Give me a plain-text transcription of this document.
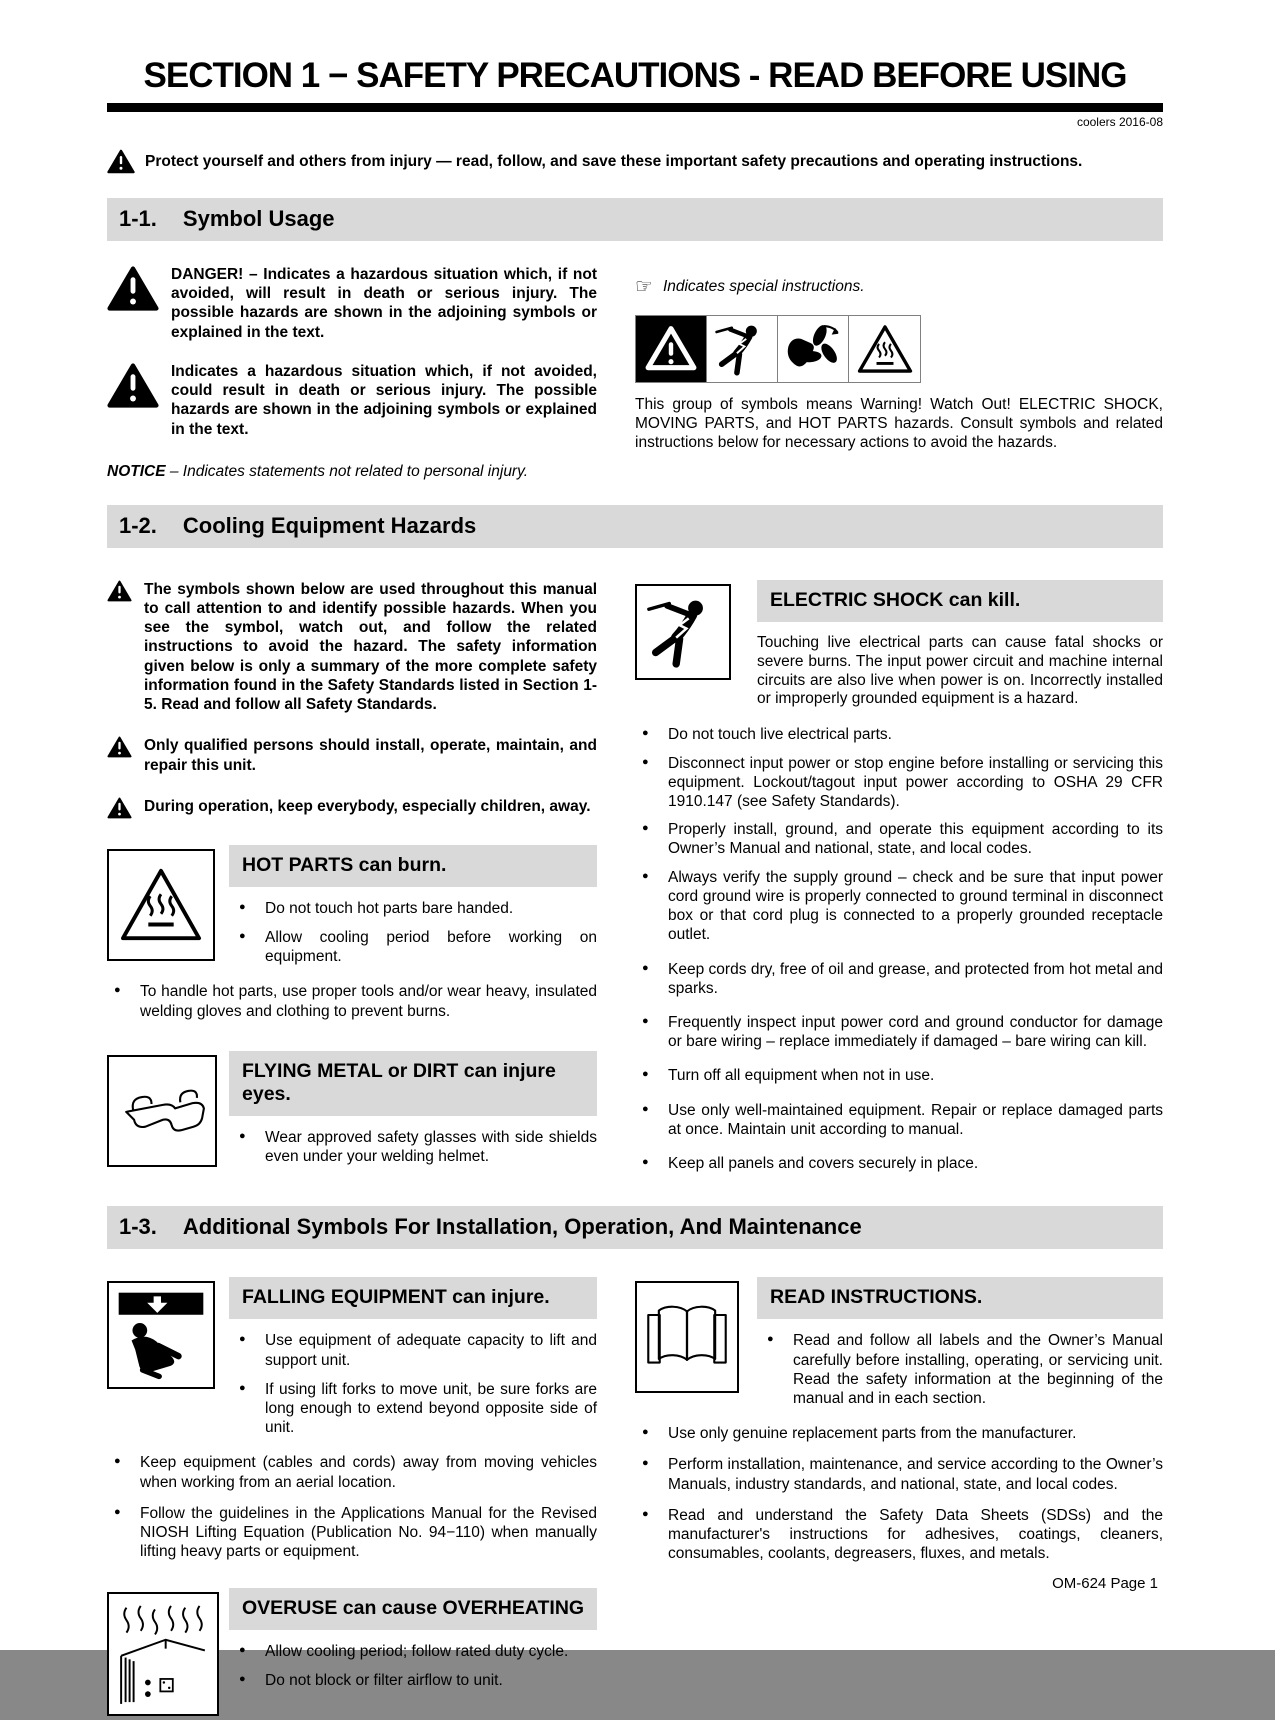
SECTION 1 − SAFETY PRECAUTIONS - READ BEFORE USING
coolers 2016-08

Protect yourself and others from injury — read, follow, and save these important safety precautions and operating instructions.

1-1. Symbol Usage

DANGER! – Indicates a hazardous situation which, if not avoided, will result in death or serious injury. The possible hazards are shown in the adjoining symbols or explained in the text.

Indicates a hazardous situation which, if not avoided, could result in death or serious injury. The possible hazards are shown in the adjoining symbols or explained in the text.

NOTICE – Indicates statements not related to personal injury.

☞ Indicates special instructions.

This group of symbols means Warning! Watch Out! ELECTRIC SHOCK, MOVING PARTS, and HOT PARTS hazards. Consult symbols and related instructions below for necessary actions to avoid the hazards.

1-2. Cooling Equipment Hazards

The symbols shown below are used throughout this manual to call attention to and identify possible hazards. When you see the symbol, watch out, and follow the related instructions to avoid the hazard. The safety information given below is only a summary of the more complete safety information found in the Safety Standards listed in Section 1-5. Read and follow all Safety Standards.

Only qualified persons should install, operate, maintain, and repair this unit.

During operation, keep everybody, especially children, away.

HOT PARTS can burn.
● Do not touch hot parts bare handed.
● Allow cooling period before working on equipment.
● To handle hot parts, use proper tools and/or wear heavy, insulated welding gloves and clothing to prevent burns.
FLYING METAL or DIRT can injure eyes.
● Wear approved safety glasses with side shields even under your welding helmet.
ELECTRIC SHOCK can kill.

Touching live electrical parts can cause fatal shocks or severe burns. The input power circuit and machine internal circuits are also live when power is on. Incorrectly installed or improperly grounded equipment is a hazard.

● Do not touch live electrical parts.
● Disconnect input power or stop engine before installing or servicing this equipment. Lockout/tagout input power according to OSHA 29 CFR 1910.147 (see Safety Standards).
● Properly install, ground, and operate this equipment according to its Owner’s Manual and national, state, and local codes.
● Always verify the supply ground – check and be sure that input power cord ground wire is properly connected to ground terminal in disconnect box or that cord plug is connected to a properly grounded receptacle outlet.
● Keep cords dry, free of oil and grease, and protected from hot metal and sparks.
● Frequently inspect input power cord and ground conductor for damage or bare wiring – replace immediately if damaged – bare wiring can kill.
● Turn off all equipment when not in use.
● Use only well-maintained equipment. Repair or replace damaged parts at once. Maintain unit according to manual.
● Keep all panels and covers securely in place.
1-3. Additional Symbols For Installation, Operation, And Maintenance
FALLING EQUIPMENT can injure.
● Use equipment of adequate capacity to lift and support unit.
● If using lift forks to move unit, be sure forks are long enough to extend beyond opposite side of unit.
● Keep equipment (cables and cords) away from moving vehicles when working from an aerial location.
● Follow the guidelines in the Applications Manual for the Revised NIOSH Lifting Equation (Publication No. 94−110) when manually lifting heavy parts or equipment.
OVERUSE can cause OVERHEATING
● Allow cooling period; follow rated duty cycle.
● Do not block or filter airflow to unit.
READ INSTRUCTIONS.
● Read and follow all labels and the Owner’s Manual carefully before installing, operating, or servicing unit. Read the safety information at the beginning of the manual and in each section.
● Use only genuine replacement parts from the manufacturer.
● Perform installation, maintenance, and service according to the Owner’s Manuals, industry standards, and national, state, and local codes.
● Read and understand the Safety Data Sheets (SDSs) and the manufacturer's instructions for adhesives, coatings, cleaners, consumables, coolants, degreasers, fluxes, and metals.
OM-624 Page 1
